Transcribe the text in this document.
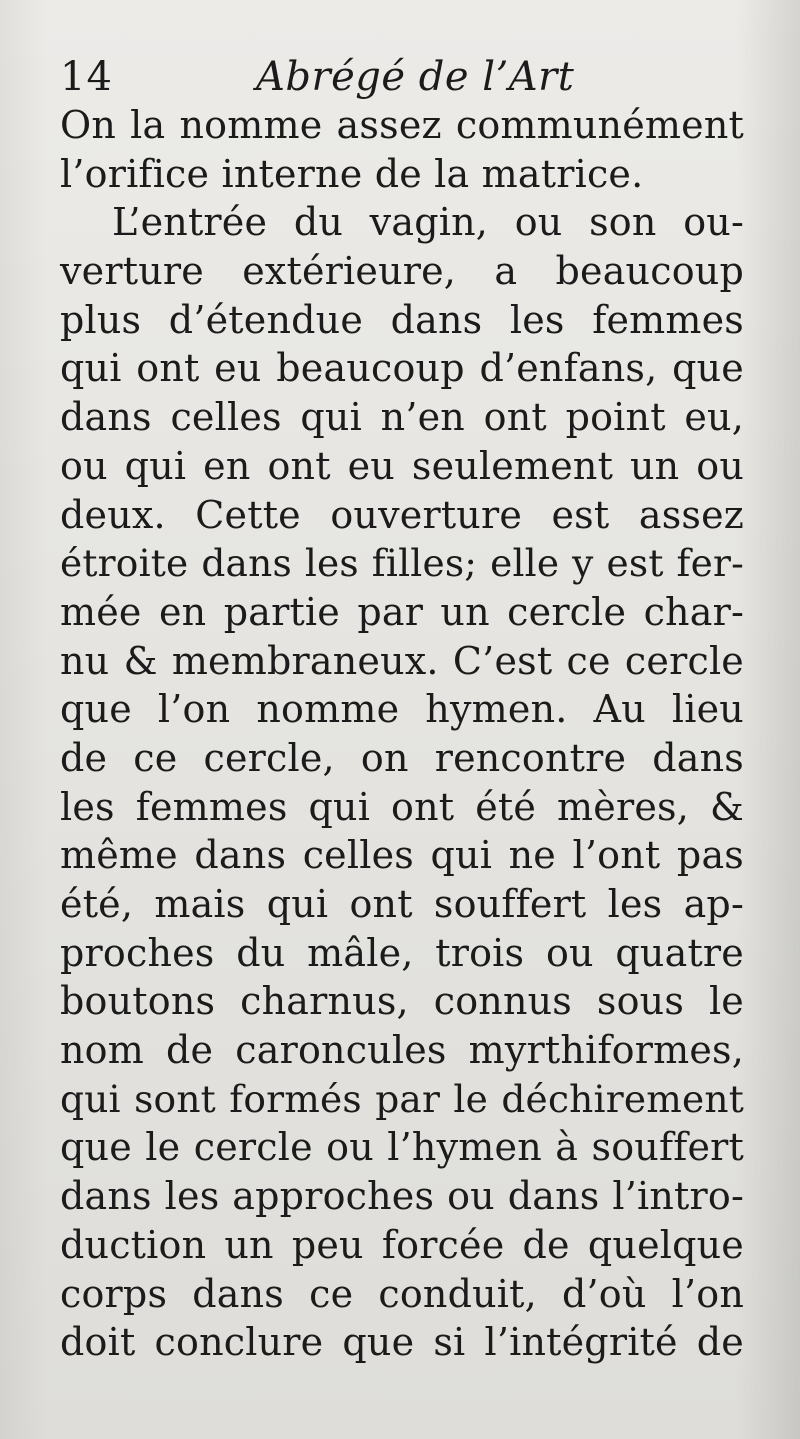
14	Abrégé de l’Art
On la nomme assez communément
l’orifice interne de la matrice.
L’entrée du vagin, ou son ou-
verture extérieure, a beaucoup
plus d’étendue dans les femmes
qui ont eu beaucoup d’enfans, que
dans celles qui n’en ont point eu,
ou qui en ont eu seulement un ou
deux. Cette ouverture est assez
étroite dans les filles; elle y est fer-
mée en partie par un cercle char-
nu & membraneux. C’est ce cercle
que l’on nomme hymen. Au lieu
de ce cercle, on rencontre dans
les femmes qui ont été mères, &
même dans celles qui ne l’ont pas
été, mais qui ont souffert les ap-
proches du mâle, trois ou quatre
boutons charnus, connus sous le
nom de caroncules myrthiformes,
qui sont formés par le déchirement
que le cercle ou l’hymen à souffert
dans les approches ou dans l’intro-
duction un peu forcée de quelque
corps dans ce conduit, d’où l’on
doit conclure que si l’intégrité de
